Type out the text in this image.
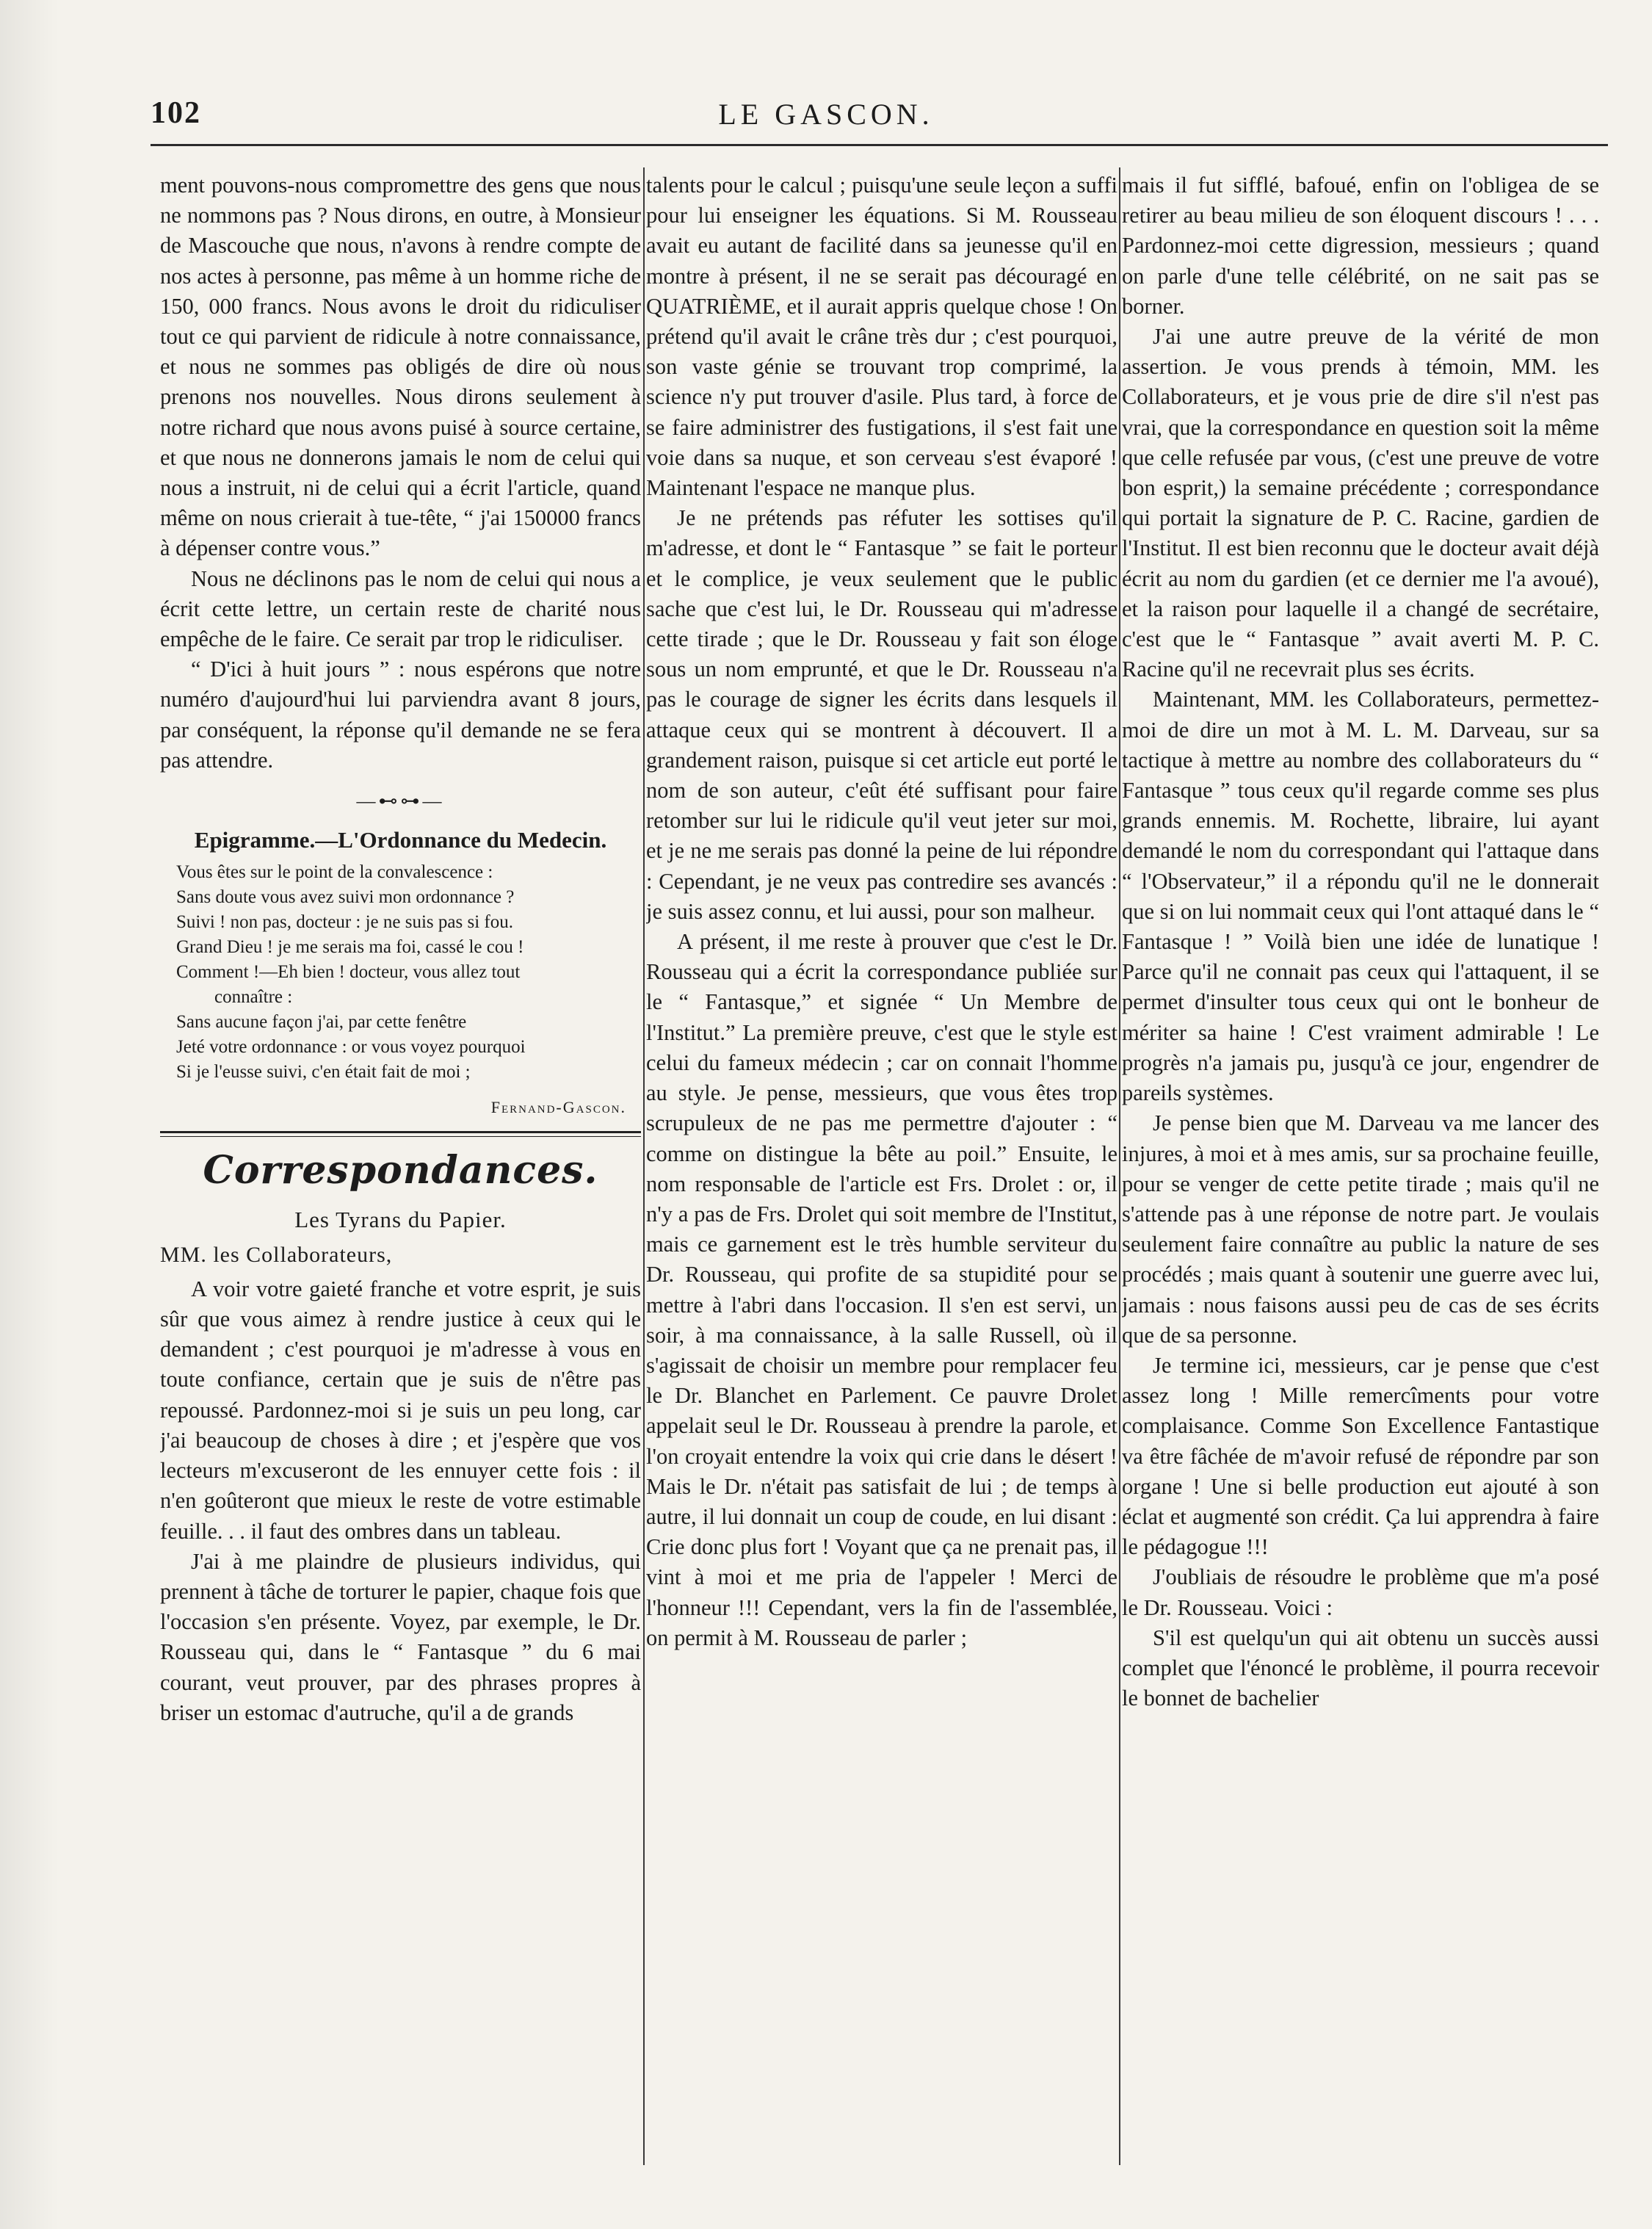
102	LE GASCON.

ment pouvons-nous compromettre des gens que nous ne nommons pas ? Nous dirons, en outre, à Monsieur de Mascouche que nous, n'avons à rendre compte de nos actes à personne, pas même à un homme riche de 150, 000 francs. Nous avons le droit du ridiculiser tout ce qui parvient de ridicule à notre connaissance, et nous ne sommes pas obligés de dire où nous prenons nos nouvelles. Nous dirons seulement à notre richard que nous avons puisé à source certaine, et que nous ne donnerons jamais le nom de celui qui nous a instruit, ni de celui qui a écrit l'article, quand même on nous crierait à tue-tête, “ j'ai 150000 francs à dépenser contre vous.”

Nous ne déclinons pas le nom de celui qui nous a écrit cette lettre, un certain reste de charité nous empêche de le faire. Ce serait par trop le ridiculiser.

“ D'ici à huit jours ” : nous espérons que notre numéro d'aujourd'hui lui parviendra avant 8 jours, par conséquent, la réponse qu'il demande ne se fera pas attendre.

—⊷⊶—
Epigramme.—L'Ordonnance du Medecin.
Vous êtes sur le point de la convalescence :
Sans doute vous avez suivi mon ordonnance ?
Suivi ! non pas, docteur : je ne suis pas si fou.
Grand Dieu ! je me serais ma foi, cassé le cou !
Comment !—Eh bien ! docteur, vous allez tout
connaître :
Sans aucune façon j'ai, par cette fenêtre
Jeté votre ordonnance : or vous voyez pourquoi
Si je l'eusse suivi, c'en était fait de moi ;
Fernand-Gascon.
Correspondances.
Les Tyrans du Papier.
MM. les Collaborateurs,

A voir votre gaieté franche et votre esprit, je suis sûr que vous aimez à rendre justice à ceux qui le demandent ; c'est pourquoi je m'adresse à vous en toute confiance, certain que je suis de n'être pas repoussé. Pardonnez-moi si je suis un peu long, car j'ai beaucoup de choses à dire ; et j'espère que vos lecteurs m'excuseront de les ennuyer cette fois : il n'en goûteront que mieux le reste de votre estimable feuille. . . il faut des ombres dans un tableau.

J'ai à me plaindre de plusieurs individus, qui prennent à tâche de torturer le papier, chaque fois que l'occasion s'en présente. Voyez, par exemple, le Dr. Rousseau qui, dans le “ Fantasque ” du 6 mai courant, veut prouver, par des phrases propres à briser un estomac d'autruche, qu'il a de grands

talents pour le calcul ; puisqu'une seule leçon a suffi pour lui enseigner les équations. Si M. Rousseau avait eu autant de facilité dans sa jeunesse qu'il en montre à présent, il ne se serait pas découragé en QUATRIÈME, et il aurait appris quelque chose ! On prétend qu'il avait le crâne très dur ; c'est pourquoi, son vaste génie se trouvant trop comprimé, la science n'y put trouver d'asile. Plus tard, à force de se faire administrer des fustigations, il s'est fait une voie dans sa nuque, et son cerveau s'est évaporé ! Maintenant l'espace ne manque plus.

Je ne prétends pas réfuter les sottises qu'il m'adresse, et dont le “ Fantasque ” se fait le porteur et le complice, je veux seulement que le public sache que c'est lui, le Dr. Rousseau qui m'adresse cette tirade ; que le Dr. Rousseau y fait son éloge sous un nom emprunté, et que le Dr. Rousseau n'a pas le courage de signer les écrits dans lesquels il attaque ceux qui se montrent à découvert. Il a grandement raison, puisque si cet article eut porté le nom de son auteur, c'eût été suffisant pour faire retomber sur lui le ridicule qu'il veut jeter sur moi, et je ne me serais pas donné la peine de lui répondre : Cependant, je ne veux pas contredire ses avancés : je suis assez connu, et lui aussi, pour son malheur.

A présent, il me reste à prouver que c'est le Dr. Rousseau qui a écrit la correspondance publiée sur le “ Fantasque,” et signée “ Un Membre de l'Institut.” La première preuve, c'est que le style est celui du fameux médecin ; car on connait l'homme au style. Je pense, messieurs, que vous êtes trop scrupuleux de ne pas me permettre d'ajouter : “ comme on distingue la bête au poil.” Ensuite, le nom responsable de l'article est Frs. Drolet : or, il n'y a pas de Frs. Drolet qui soit membre de l'Institut, mais ce garnement est le très humble serviteur du Dr. Rousseau, qui profite de sa stupidité pour se mettre à l'abri dans l'occasion. Il s'en est servi, un soir, à ma connaissance, à la salle Russell, où il s'agissait de choisir un membre pour remplacer feu le Dr. Blanchet en Parlement. Ce pauvre Drolet appelait seul le Dr. Rousseau à prendre la parole, et l'on croyait entendre la voix qui crie dans le désert ! Mais le Dr. n'était pas satisfait de lui ; de temps à autre, il lui donnait un coup de coude, en lui disant : Crie donc plus fort ! Voyant que ça ne prenait pas, il vint à moi et me pria de l'appeler ! Merci de l'honneur !!! Cependant, vers la fin de l'assemblée, on permit à M. Rousseau de parler ;

mais il fut sifflé, bafoué, enfin on l'obligea de se retirer au beau milieu de son éloquent discours ! . . . Pardonnez-moi cette digression, messieurs ; quand on parle d'une telle célébrité, on ne sait pas se borner.

J'ai une autre preuve de la vérité de mon assertion. Je vous prends à témoin, MM. les Collaborateurs, et je vous prie de dire s'il n'est pas vrai, que la correspondance en question soit la même que celle refusée par vous, (c'est une preuve de votre bon esprit,) la semaine précédente ; correspondance qui portait la signature de P. C. Racine, gardien de l'Institut. Il est bien reconnu que le docteur avait déjà écrit au nom du gardien (et ce dernier me l'a avoué), et la raison pour laquelle il a changé de secrétaire, c'est que le “ Fantasque ” avait averti M. P. C. Racine qu'il ne recevrait plus ses écrits.

Maintenant, MM. les Collaborateurs, permettez-moi de dire un mot à M. L. M. Darveau, sur sa tactique à mettre au nombre des collaborateurs du “ Fantasque ” tous ceux qu'il regarde comme ses plus grands ennemis. M. Rochette, libraire, lui ayant demandé le nom du correspondant qui l'attaque dans “ l'Observateur,” il a répondu qu'il ne le donnerait que si on lui nommait ceux qui l'ont attaqué dans le “ Fantasque ! ” Voilà bien une idée de lunatique ! Parce qu'il ne connait pas ceux qui l'attaquent, il se permet d'insulter tous ceux qui ont le bonheur de mériter sa haine ! C'est vraiment admirable ! Le progrès n'a jamais pu, jusqu'à ce jour, engendrer de pareils systèmes.

Je pense bien que M. Darveau va me lancer des injures, à moi et à mes amis, sur sa prochaine feuille, pour se venger de cette petite tirade ; mais qu'il ne s'attende pas à une réponse de notre part. Je voulais seulement faire connaître au public la nature de ses procédés ; mais quant à soutenir une guerre avec lui, jamais : nous faisons aussi peu de cas de ses écrits que de sa personne.

Je termine ici, messieurs, car je pense que c'est assez long ! Mille remercîments pour votre complaisance. Comme Son Excellence Fantastique va être fâchée de m'avoir refusé de répondre par son organe ! Une si belle production eut ajouté à son éclat et augmenté son crédit. Ça lui apprendra à faire le pédagogue !!!

J'oubliais de résoudre le problème que m'a posé le Dr. Rousseau. Voici :

S'il est quelqu'un qui ait obtenu un succès aussi complet que l'énoncé le problème, il pourra recevoir le bonnet de bachelier
